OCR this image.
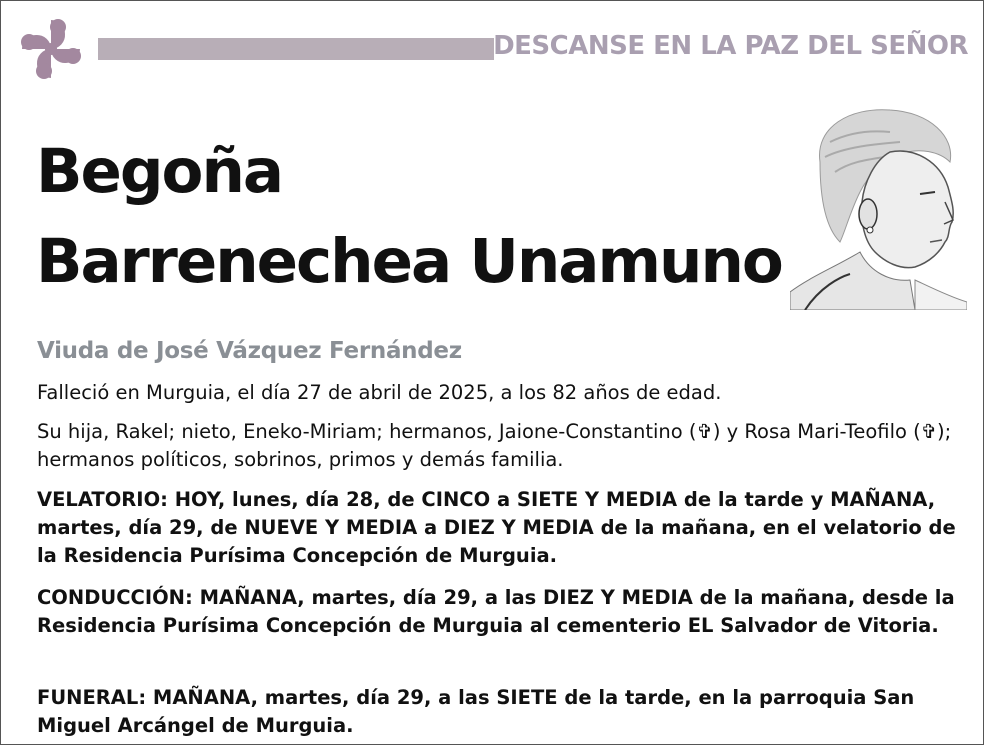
DESCANSE EN LA PAZ DEL SEÑOR
Begoña
Barrenechea Unamuno
Viuda de José Vázquez Fernández

Falleció en Murguia, el día 27 de abril de 2025, a los 82 años de edad.

Su hija, Rakel; nieto, Eneko-Miriam; hermanos, Jaione-Constantino (✞) y Rosa Mari-Teofilo (✞); hermanos políticos, sobrinos, primos y demás familia.

VELATORIO: HOY, lunes, día 28, de CINCO a SIETE Y MEDIA de la tarde y MAÑANA, martes, día 29, de NUEVE Y MEDIA a DIEZ Y MEDIA de la mañana, en el velatorio de la Residencia Purísima Concepción de Murguia.

CONDUCCIÓN: MAÑANA, martes, día 29, a las DIEZ Y MEDIA de la mañana, desde la Residencia Purísima Concepción de Murguia al cementerio EL Salvador de Vitoria.

FUNERAL: MAÑANA, martes, día 29, a las SIETE de la tarde, en la parroquia San Miguel Arcángel de Murguia.
